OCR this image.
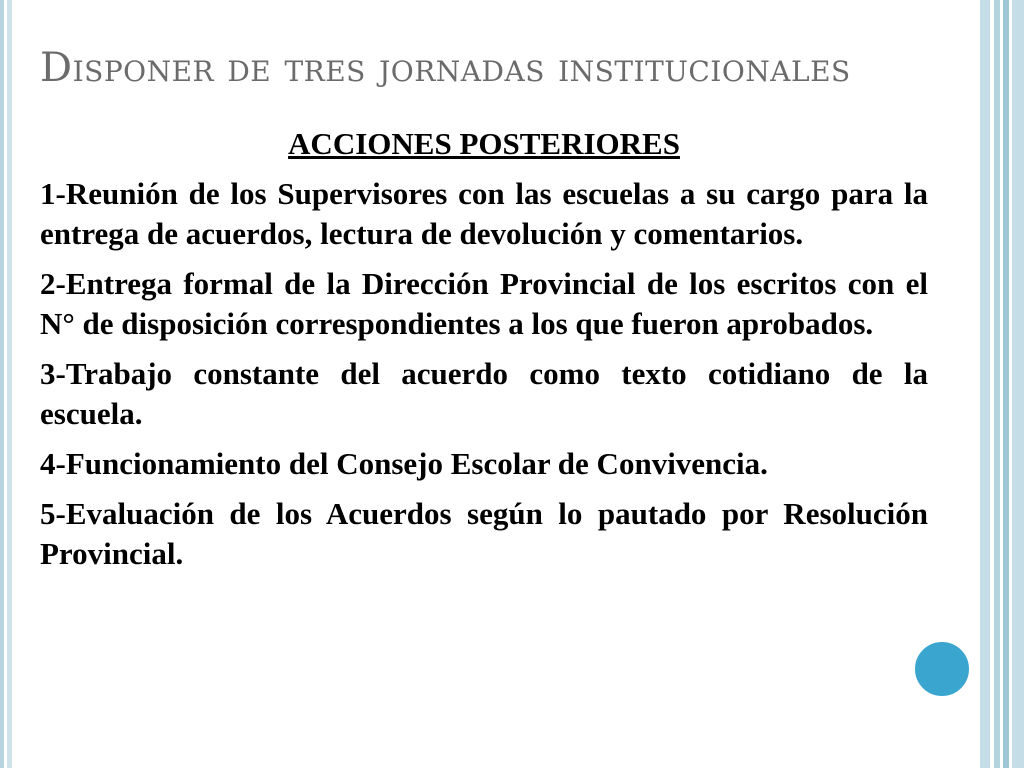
Disponer de tres jornadas institucionales
ACCIONES POSTERIORES
1-Reunión de los Supervisores con las escuelas a su cargo para la entrega de acuerdos, lectura de devolución y comentarios.
2-Entrega formal de la Dirección Provincial de los escritos con el N° de disposición correspondientes a los que fueron aprobados.
3-Trabajo constante del acuerdo como texto cotidiano de la escuela.
4-Funcionamiento del Consejo Escolar de Convivencia.
5-Evaluación de los Acuerdos según lo pautado por Resolución Provincial.
